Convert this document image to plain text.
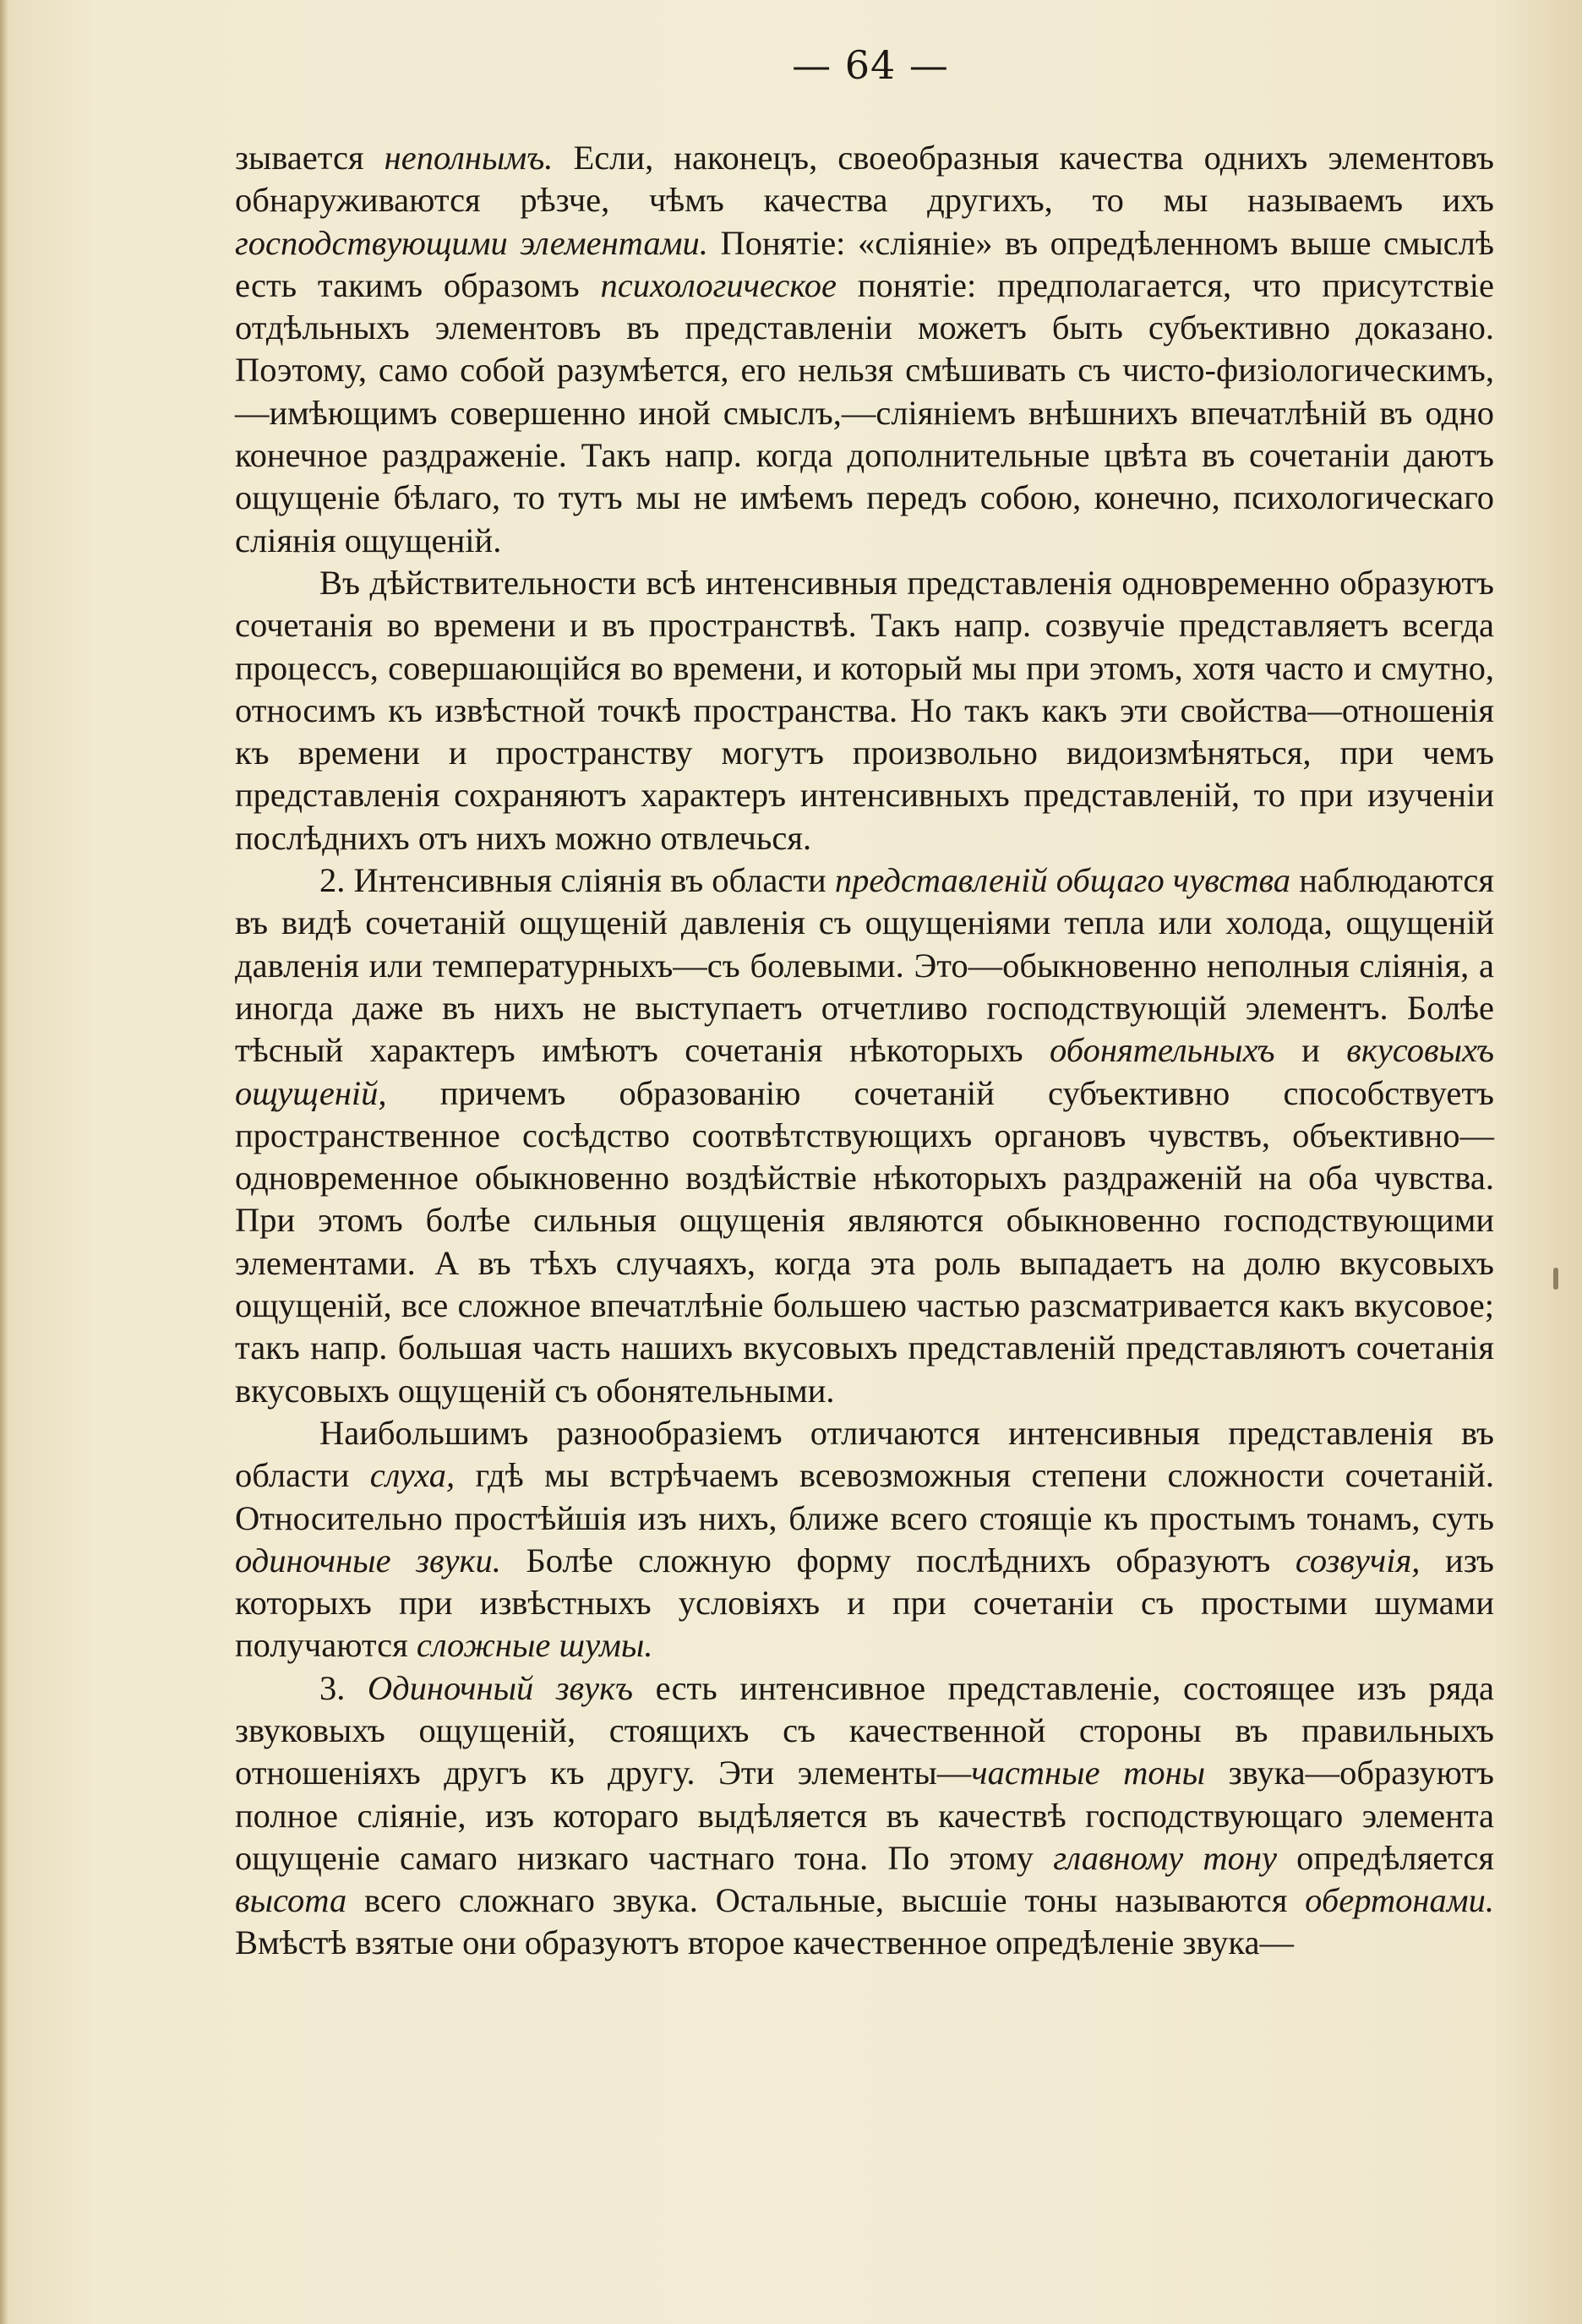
— 64 —

зывается неполнымъ. Если, наконецъ, своеобразныя качества однихъ элементовъ обнаруживаются рѣзче, чѣмъ качества другихъ, то мы называемъ ихъ господствующими элементами. Понятіе: «сліяніе» въ опредѣленномъ выше смыслѣ есть такимъ образомъ психологическое понятіе: предполагается, что присутствіе отдѣльныхъ элементовъ въ представленіи можетъ быть субъективно доказано. Поэтому, само собой разумѣется, его нельзя смѣшивать съ чисто-физіологическимъ,—имѣющимъ совершенно иной смыслъ,—сліяніемъ внѣшнихъ впечатлѣній въ одно конечное раздраженіе. Такъ напр. когда дополнительные цвѣта въ сочетаніи даютъ ощущеніе бѣлаго, то тутъ мы не имѣемъ передъ собою, конечно, психологическаго сліянія ощущеній.

Въ дѣйствительности всѣ интенсивныя представленія одновременно образуютъ сочетанія во времени и въ пространствѣ. Такъ напр. созвучіе представляетъ всегда процессъ, совершающійся во времени, и который мы при этомъ, хотя часто и смутно, относимъ къ извѣстной точкѣ пространства. Но такъ какъ эти свойства—отношенія къ времени и пространству могутъ произвольно видоизмѣняться, при чемъ представленія сохраняютъ характеръ интенсивныхъ представленій, то при изученіи послѣднихъ отъ нихъ можно отвлечься.

2. Интенсивныя сліянія въ области представленій общаго чувства наблюдаются въ видѣ сочетаній ощущеній давленія съ ощущеніями тепла или холода, ощущеній давленія или температурныхъ—съ болевыми. Это—обыкновенно неполныя сліянія, а иногда даже въ нихъ не выступаетъ отчетливо господствующій элементъ. Болѣе тѣсный характеръ имѣютъ сочетанія нѣкоторыхъ обонятельныхъ и вкусовыхъ ощущеній, причемъ образованію сочетаній субъективно способствуетъ пространственное сосѣдство соотвѣтствующихъ органовъ чувствъ, объективно—одновременное обыкновенно воздѣйствіе нѣкоторыхъ раздраженій на оба чувства. При этомъ болѣе сильныя ощущенія являются обыкновенно господствующими элементами. А въ тѣхъ случаяхъ, когда эта роль выпадаетъ на долю вкусовыхъ ощущеній, все сложное впечатлѣніе большею частью разсматривается какъ вкусовое; такъ напр. большая часть нашихъ вкусовыхъ представленій представляютъ сочетанія вкусовыхъ ощущеній съ обонятельными.

Наибольшимъ разнообразіемъ отличаются интенсивныя представленія въ области слуха, гдѣ мы встрѣчаемъ всевозможныя степени сложности сочетаній. Относительно простѣйшія изъ нихъ, ближе всего стоящіе къ простымъ тонамъ, суть одиночные звуки. Болѣе сложную форму послѣднихъ образуютъ созвучія, изъ которыхъ при извѣстныхъ условіяхъ и при сочетаніи съ простыми шумами получаются сложные шумы.

3. Одиночный звукъ есть интенсивное представленіе, состоящее изъ ряда звуковыхъ ощущеній, стоящихъ съ качественной стороны въ правильныхъ отношеніяхъ другъ къ другу. Эти элементы—частные тоны звука—образуютъ полное сліяніе, изъ котораго выдѣляется въ качествѣ господствующаго элемента ощущеніе самаго низкаго частнаго тона. По этому главному тону опредѣляется высота всего сложнаго звука. Остальные, высшіе тоны называются обертонами. Вмѣстѣ взятые они образуютъ второе качественное опредѣленіе звука—
